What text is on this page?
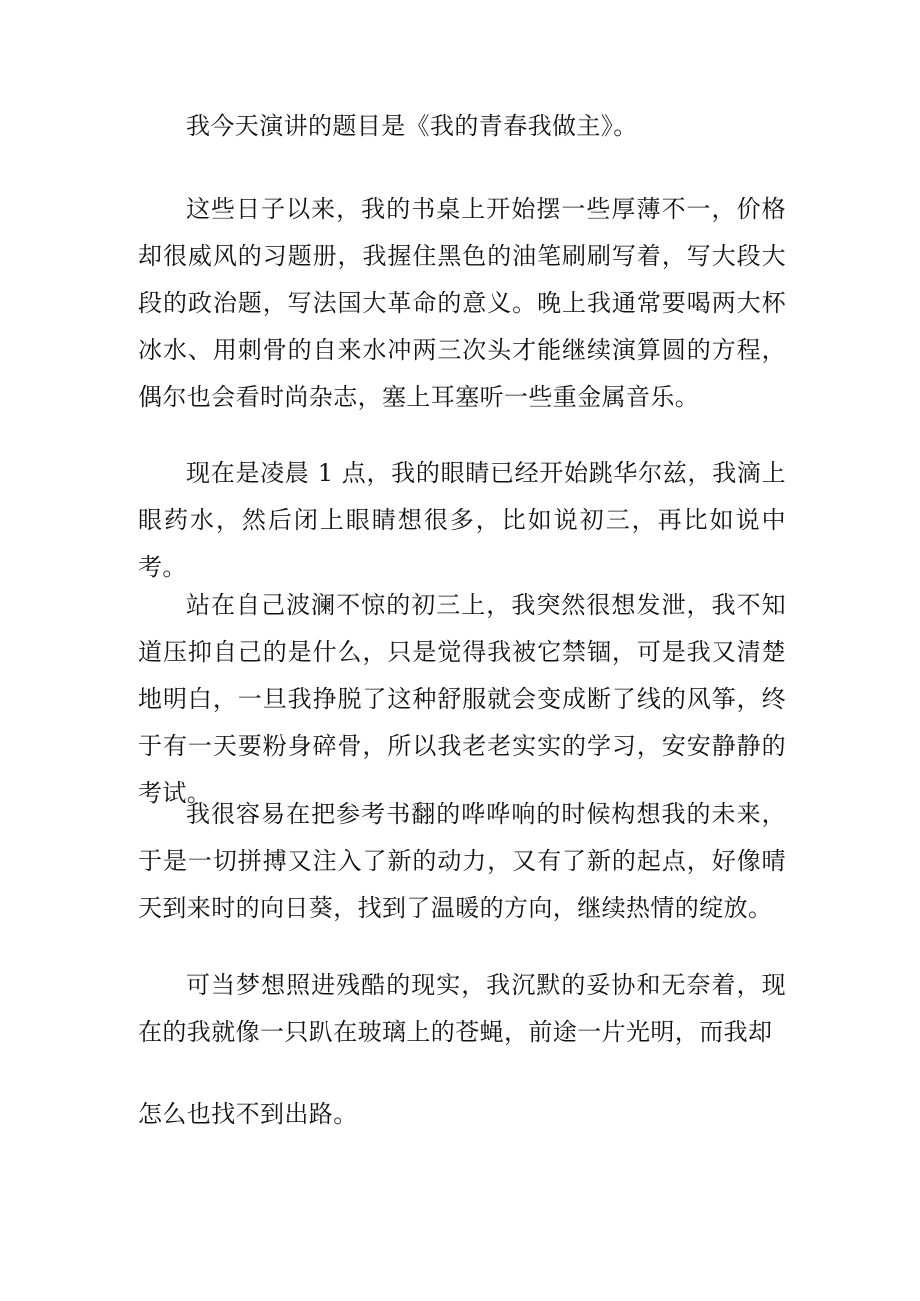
我今天演讲的题目是《我的青春我做主》。

这些日子以来，我的书桌上开始摆一些厚薄不一，价格却很威风的习题册，我握住黑色的油笔刷刷写着，写大段大段的政治题，写法国大革命的意义。晚上我通常要喝两大杯冰水、用刺骨的自来水冲两三次头才能继续演算圆的方程，偶尔也会看时尚杂志，塞上耳塞听一些重金属音乐。

现在是凌晨 1 点，我的眼睛已经开始跳华尔兹，我滴上眼药水，然后闭上眼睛想很多，比如说初三，再比如说中考。

站在自己波澜不惊的初三上，我突然很想发泄，我不知道压抑自己的是什么，只是觉得我被它禁锢，可是我又清楚地明白，一旦我挣脱了这种舒服就会变成断了线的风筝，终于有一天要粉身碎骨，所以我老老实实的学习，安安静静的考试。

我很容易在把参考书翻的哗哗响的时候构想我的未来，于是一切拼搏又注入了新的动力，又有了新的起点，好像晴天到来时的向日葵，找到了温暖的方向，继续热情的绽放。

可当梦想照进残酷的现实，我沉默的妥协和无奈着，现在的我就像一只趴在玻璃上的苍蝇，前途一片光明，而我却

怎么也找不到出路。
